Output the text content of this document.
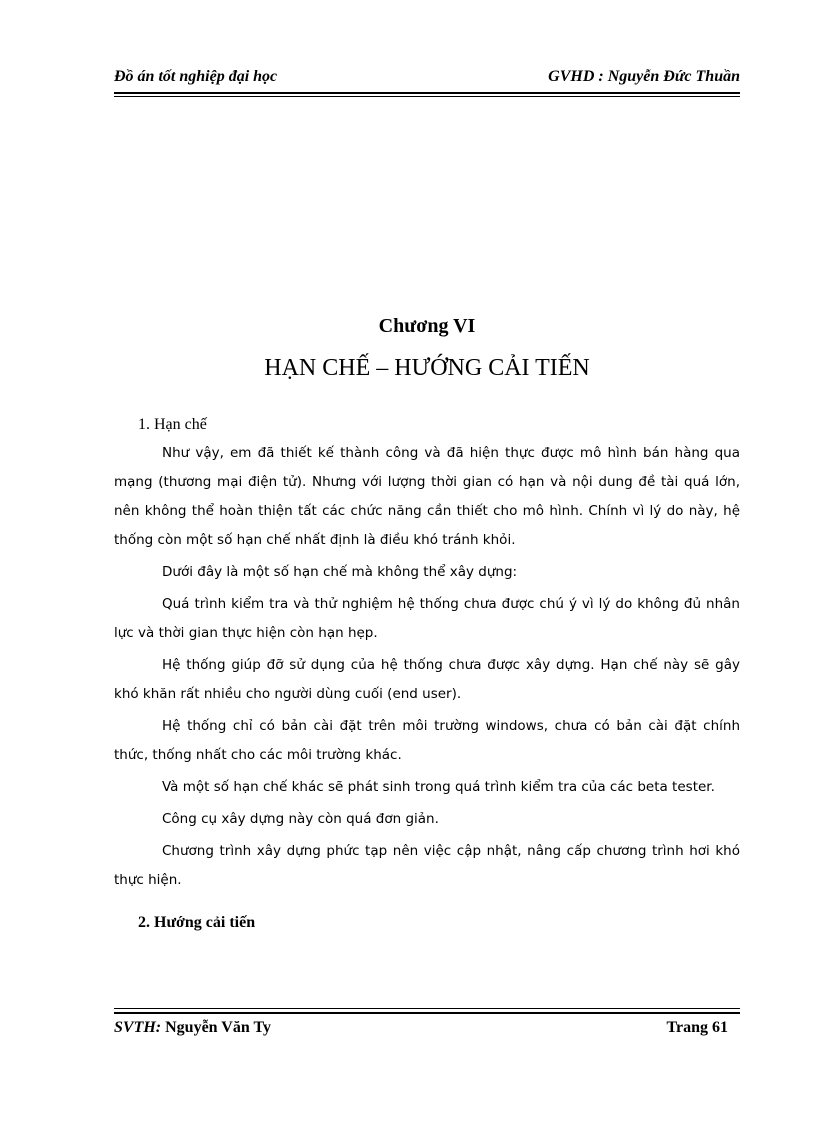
Đồ án tốt nghiệp đại học	GVHD : Nguyễn Đức Thuần
Chương VI
HẠN CHẾ – HƯỚNG CẢI TIẾN
1. Hạn chế

Như vậy, em đã thiết kế thành công và đã hiện thực được mô hình bán hàng qua mạng (thương mại điện tử). Nhưng với lượng thời gian có hạn và nội dung đề tài quá lớn, nên không thể hoàn thiện tất các chức năng cần thiết cho mô hình. Chính vì lý do này, hệ thống còn một số hạn chế nhất định là điều khó tránh khỏi.

Dưới đây là một số hạn chế mà không thể xây dựng:

Quá trình kiểm tra và thử nghiệm hệ thống chưa được chú ý vì lý do không đủ nhân lực và thời gian thực hiện còn hạn hẹp.

Hệ thống giúp đỡ sử dụng của hệ thống chưa được xây dựng. Hạn chế này sẽ gây khó khăn rất nhiều cho người dùng cuối (end user).

Hệ thống chỉ có bản cài đặt trên môi trường windows, chưa có bản cài đặt chính thức, thống nhất cho các môi trường khác.

Và một số hạn chế khác sẽ phát sinh trong quá trình kiểm tra của các beta tester.

Công cụ xây dựng này còn quá đơn giản.

Chương trình xây dựng phức tạp nên việc cập nhật, nâng cấp chương trình hơi khó thực hiện.

2. Hướng cải tiến
SVTH: Nguyễn Văn Ty	Trang 61
